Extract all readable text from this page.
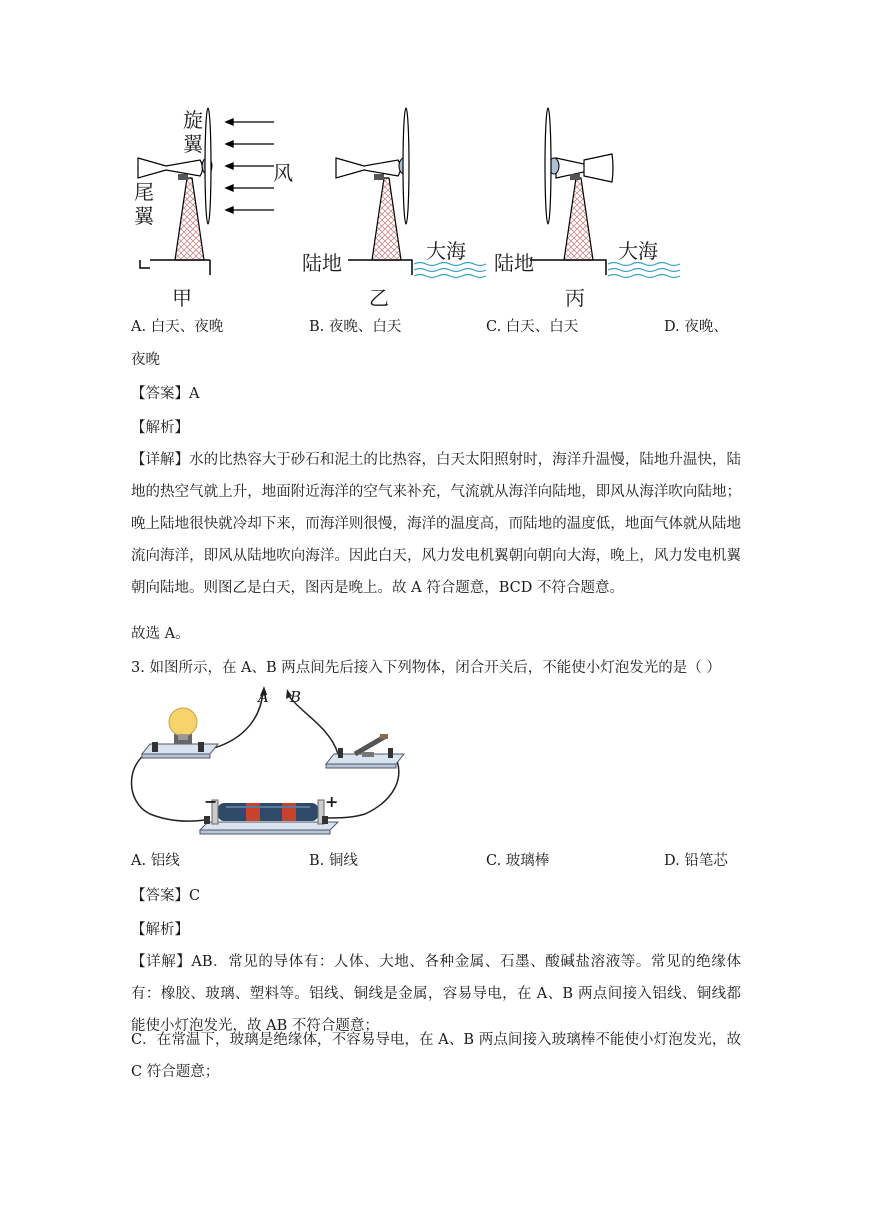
旋
翼
尾
翼
风
陆地	大海 陆地	大海
甲	乙	丙
A. 白天、夜晚	B. 夜晚、白天	C. 白天、白天	D. 夜晚、
夜晚
【答案】A
【解析】
【详解】水的比热容大于砂石和泥土的比热容，白天太阳照射时，海洋升温慢，陆地升温快，陆地的热空气就上升，地面附近海洋的空气来补充，气流就从海洋向陆地，即风从海洋吹向陆地；晚上陆地很快就冷却下来，而海洋则很慢，海洋的温度高，而陆地的温度低，地面气体就从陆地流向海洋，即风从陆地吹向海洋。因此白天，风力发电机翼朝向朝向大海，晚上，风力发电机翼朝向陆地。则图乙是白天，图丙是晚上。故 A 符合题意，BCD 不符合题意。
故选 A。
3. 如图所示，在 A、B 两点间先后接入下列物体，闭合开关后，不能使小灯泡发光的是（ ）
A B
−	+
A. 铝线	B. 铜线	C. 玻璃棒	D. 铅笔芯
【答案】C
【解析】
【详解】AB．常见的导体有：人体、大地、各种金属、石墨、酸碱盐溶液等。常见的绝缘体有：橡胶、玻璃、塑料等。铝线、铜线是金属，容易导电，在 A、B 两点间接入铝线、铜线都能使小灯泡发光，故 AB 不符合题意；
C．在常温下，玻璃是绝缘体，不容易导电，在 A、B 两点间接入玻璃棒不能使小灯泡发光，故 C 符合题意；
